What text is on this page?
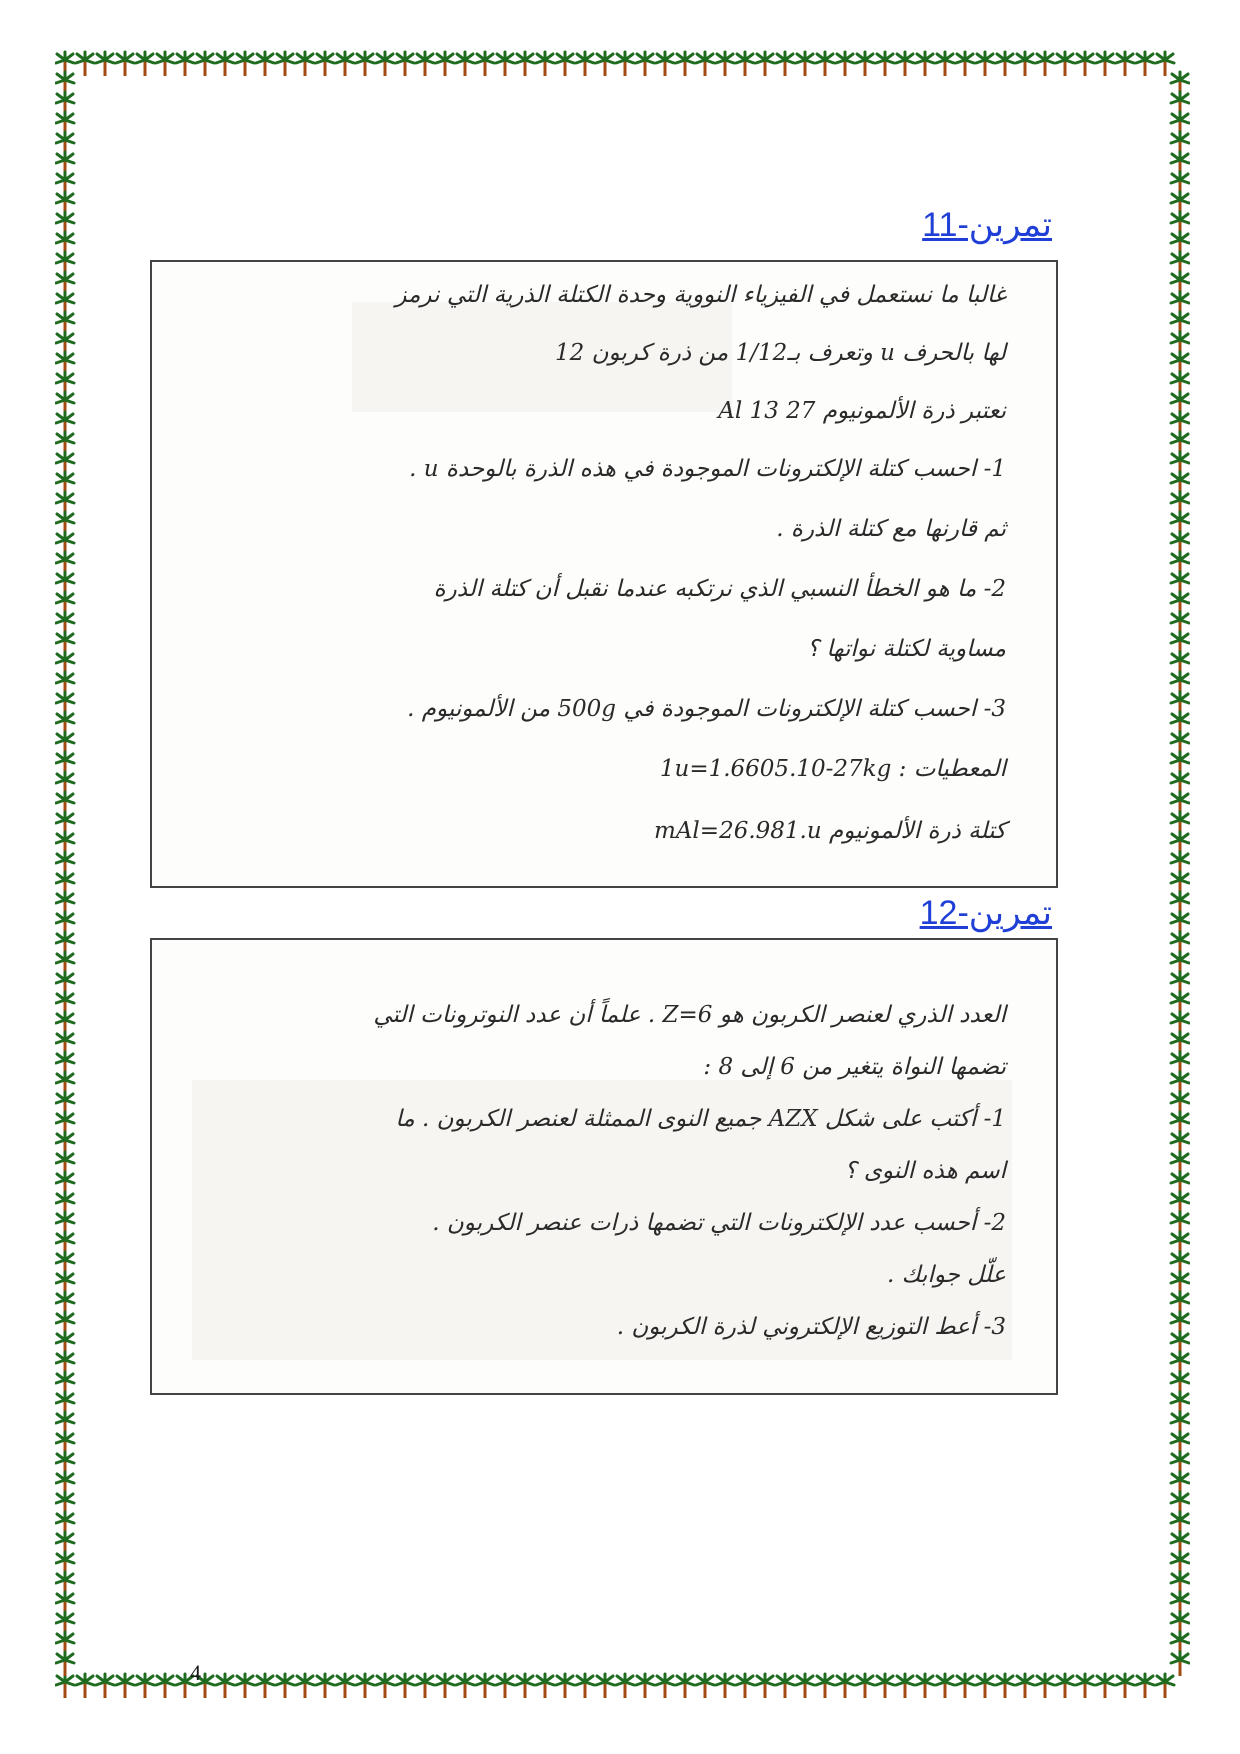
تمرين-11
غالبا ما نستعمل في الفيزياء النووية وحدة الكتلة الذرية التي نرمز
لها بالحرف u وتعرف بـ1/12 من ذرة كربون 12
نعتبر ذرة الألمونيوم 27 13 Al
1- احسب كتلة الإلكترونات الموجودة في هذه الذرة بالوحدة u .
ثم قارنها مع كتلة الذرة .
2- ما هو الخطأ النسبي الذي نرتكبه عندما نقبل أن كتلة الذرة
مساوية لكتلة نواتها ؟
3- احسب كتلة الإلكترونات الموجودة في 500g من الألمونيوم .
المعطيات : 1u=1.6605.10-27kg
كتلة ذرة الألمونيوم mAl=26.981.u
تمرين-12
العدد الذري لعنصر الكربون هو Z=6 . علماً أن عدد النوترونات التي
تضمها النواة يتغير من 6 إلى 8 :
1- أكتب على شكل AZX جميع النوى الممثلة لعنصر الكربون . ما
اسم هذه النوى ؟
2- أحسب عدد الإلكترونات التي تضمها ذرات عنصر الكربون .
علّل جوابك .
3- أعط التوزيع الإلكتروني لذرة الكربون .
4
